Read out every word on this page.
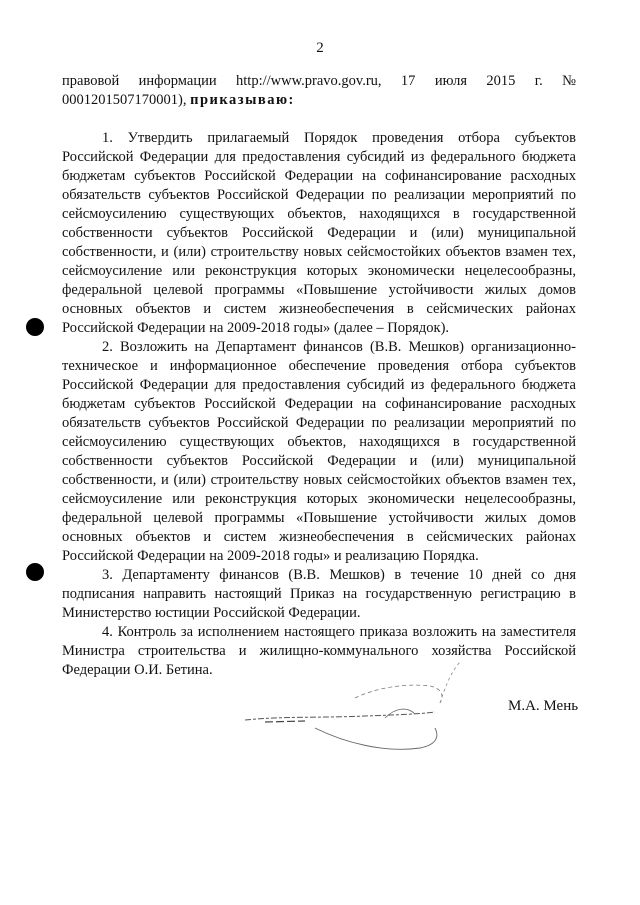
2

правовой информации http://www.pravo.gov.ru, 17 июля 2015 г. № 0001201507170001), приказываю:

1. Утвердить прилагаемый Порядок проведения отбора субъектов Российской Федерации для предоставления субсидий из федерального бюджета бюджетам субъектов Российской Федерации на софинансирование расходных обязательств субъектов Российской Федерации по реализации мероприятий по сейсмоусилению существующих объектов, находящихся в государственной собственности субъектов Российской Федерации и (или) муниципальной собственности, и (или) строительству новых сейсмостойких объектов взамен тех, сейсмоусиление или реконструкция которых экономически нецелесообразны, федеральной целевой программы «Повышение устойчивости жилых домов основных объектов и систем жизнеобеспечения в сейсмических районах Российской Федерации на 2009-2018 годы» (далее – Порядок).

2. Возложить на Департамент финансов (В.В. Мешков) организационно-техническое и информационное обеспечение проведения отбора субъектов Российской Федерации для предоставления субсидий из федерального бюджета бюджетам субъектов Российской Федерации на софинансирование расходных обязательств субъектов Российской Федерации по реализации мероприятий по сейсмоусилению существующих объектов, находящихся в государственной собственности субъектов Российской Федерации и (или) муниципальной собственности, и (или) строительству новых сейсмостойких объектов взамен тех, сейсмоусиление или реконструкция которых экономически нецелесообразны, федеральной целевой программы «Повышение устойчивости жилых домов основных объектов и систем жизнеобеспечения в сейсмических районах Российской Федерации на 2009-2018 годы» и реализацию Порядка.

3. Департаменту финансов (В.В. Мешков) в течение 10 дней со дня подписания направить настоящий Приказ на государственную регистрацию в Министерство юстиции Российской Федерации.

4. Контроль за исполнением настоящего приказа возложить на заместителя Министра строительства и жилищно-коммунального хозяйства Российской Федерации О.И. Бетина.

М.А. Мень
